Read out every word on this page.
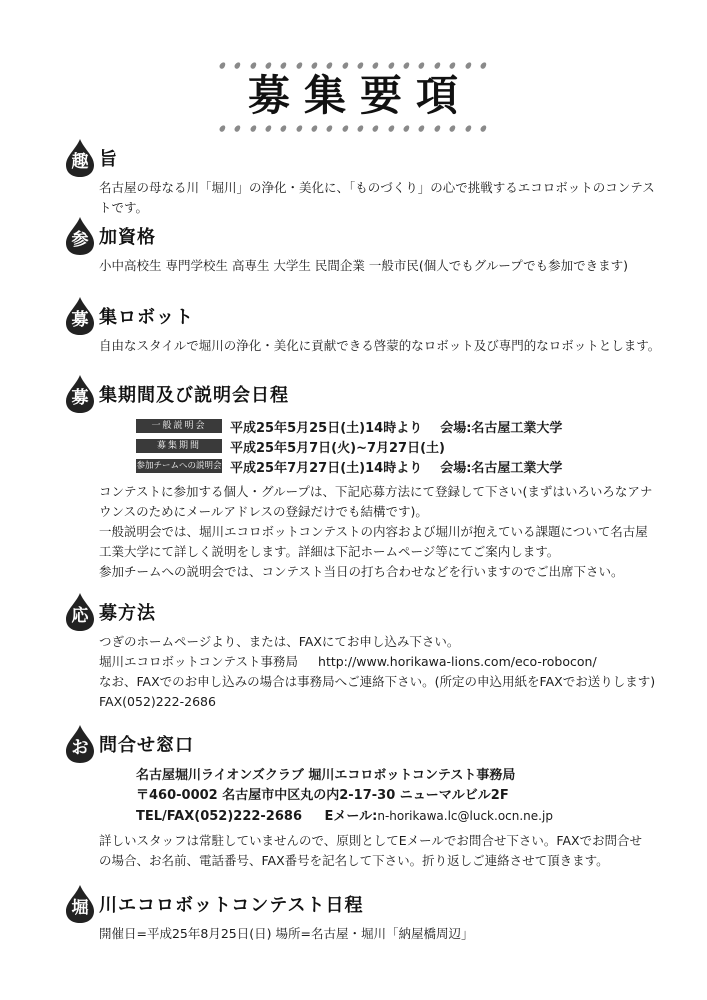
募集要項
趣 旨

名古屋の母なる川「堀川」の浄化・美化に、「ものづくり」の心で挑戦するエコロボットのコンテストです。

参 加資格

小中高校生 専門学校生 高専生 大学生 民間企業 一般市民(個人でもグループでも参加できます)

募 集ロボット

自由なスタイルで堀川の浄化・美化に貢献できる啓蒙的なロボット及び専門的なロボットとします。

募 集期間及び説明会日程
一般説明会	平成25年5月25日(土)14時より 会場:名古屋工業大学
募集期間	平成25年5月7日(火)~7月27日(土)
参加チームへの説明会 平成25年7月27日(土)14時より 会場:名古屋工業大学

コンテストに参加する個人・グループは、下記応募方法にて登録して下さい(まずはいろいろなアナ

ウンスのためにメールアドレスの登録だけでも結構です)。

一般説明会では、堀川エコロボットコンテストの内容および堀川が抱えている課題について名古屋

工業大学にて詳しく説明をします。詳細は下記ホームページ等にてご案内します。

参加チームへの説明会では、コンテスト当日の打ち合わせなどを行いますのでご出席下さい。

応 募方法

つぎのホームページより、または、FAXにてお申し込み下さい。

堀川エコロボットコンテスト事務局 http://www.horikawa-lions.com/eco-robocon/

なお、FAXでのお申し込みの場合は事務局へご連絡下さい。(所定の申込用紙をFAXでお送りします)

FAX(052)222-2686

お 問合せ窓口
名古屋堀川ライオンズクラブ 堀川エコロボットコンテスト事務局
〒460-0002 名古屋市中区丸の内2-17-30 ニューマルビル2F
TEL/FAX(052)222-2686 Eメール:n-horikawa.lc@luck.ocn.ne.jp

詳しいスタッフは常駐していませんので、原則としてEメールでお問合せ下さい。FAXでお問合せ

の場合、お名前、電話番号、FAX番号を記名して下さい。折り返しご連絡させて頂きます。

堀 川エコロボットコンテスト日程

開催日=平成25年8月25日(日) 場所=名古屋・堀川「納屋橋周辺」
